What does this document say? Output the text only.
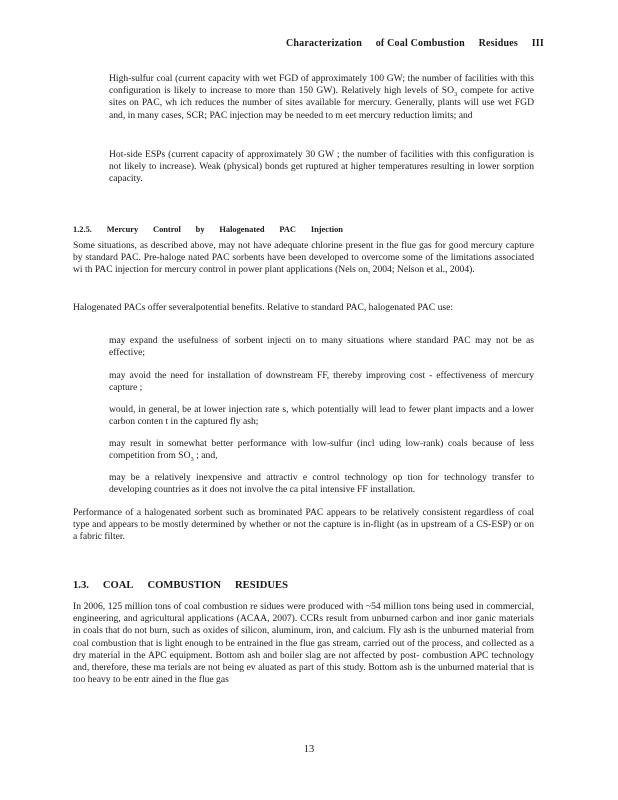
Characterization of Coal Combustion Residues III
High-sulfur coal (current capacity with wet FGD of approximately 100 GW; the number of facilities with this configuration is likely to increase to more than 150 GW). Relatively high levels of $SO_3$ compete for active sites on PAC, wh ich reduces the number of sites available for mercury. Generally, plants will use wet FGD and, in many cases, SCR; PAC injection may be needed to m eet mercury reduction limits; and
Hot-side ESPs (current capacity of approximately 30 GW ; the number of facilities with this configuration is not likely to increase). Weak (physical) bonds get ruptured at higher temperatures resulting in lower sorption capacity.
1.2.5. Mercury Control by Halogenated PAC Injection
Some situations, as described above, may not have adequate chlorine present in the flue gas for good mercury capture by standard PAC. Pre-haloge nated PAC sorbents have been developed to overcome some of the limitations associated wi th PAC injection for mercury control in power plant applications (Nels on, 2004; Nelson et al., 2004).
Halogenated PACs offer severalpotential benefits. Relative to standard PAC, halogenated PAC use:
may expand the usefulness of sorbent injecti on to many situations where standard PAC may not be as effective;
may avoid the need for installation of downstream FF, thereby improving cost - effectiveness of mercury capture ;
would, in general, be at lower injection rate s, which potentially will lead to fewer plant impacts and a lower carbon conten t in the captured fly ash;
may result in somewhat better performance with low-sulfur (incl uding low-rank) coals because of less competition from $SO_3$ ; and,
may be a relatively inexpensive and attractiv e control technology op tion for technology transfer to developing countries as it does not involve the ca pital intensive FF installation.
Performance of a halogenated sorbent such as brominated PAC appears to be relatively consistent regardless of coal type and appears to be mostly determined by whether or not the capture is in-flight (as in upstream of a CS-ESP) or on a fabric filter.
1.3. COAL COMBUSTION RESIDUES
In 2006, 125 million tons of coal combustion re sidues were produced with ~54 million tons being used in commercial, engineering, and agricultural applications (ACAA, 2007). CCRs result from unburned carbon and inor ganic materials in coals that do not burn, such as oxides of silicon, aluminum, iron, and calcium. Fly ash is the unburned material from coal combustion that is light enough to be entrained in the flue gas stream, carried out of the process, and collected as a dry material in the APC equipment. Bottom ash and boiler slag are not affected by post- combustion APC technology and, therefore, these ma terials are not being ev aluated as part of this study. Bottom ash is the unburned material that is too heavy to be entr ained in the flue gas
13
